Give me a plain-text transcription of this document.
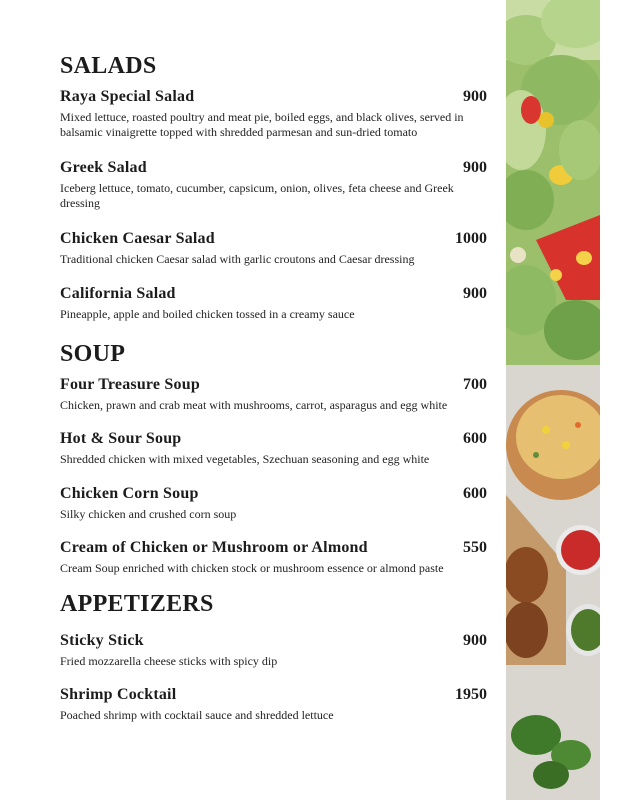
SALADS
Raya Special Salad	900
Mixed lettuce, roasted poultry and meat pie, boiled eggs, and black olives, served in balsamic vinaigrette topped with shredded parmesan and sun-dried tomato
Greek Salad	900
Iceberg lettuce, tomato, cucumber, capsicum, onion, olives, feta cheese and Greek dressing
Chicken Caesar Salad	1000
Traditional chicken Caesar salad with garlic croutons and Caesar dressing
California Salad	900
Pineapple, apple and boiled chicken tossed in a creamy sauce
SOUP
Four Treasure Soup	700
Chicken, prawn and crab meat with mushrooms, carrot, asparagus and egg white
Hot & Sour Soup	600
Shredded chicken with mixed vegetables, Szechuan seasoning and egg white
Chicken Corn Soup	600
Silky chicken and crushed corn soup
Cream of Chicken or Mushroom or Almond	550
Cream Soup enriched with chicken stock or mushroom essence or almond paste
APPETIZERS
Sticky Stick	900
Fried mozzarella cheese sticks with spicy dip
Shrimp Cocktail	1950
Poached shrimp with cocktail sauce and shredded lettuce
